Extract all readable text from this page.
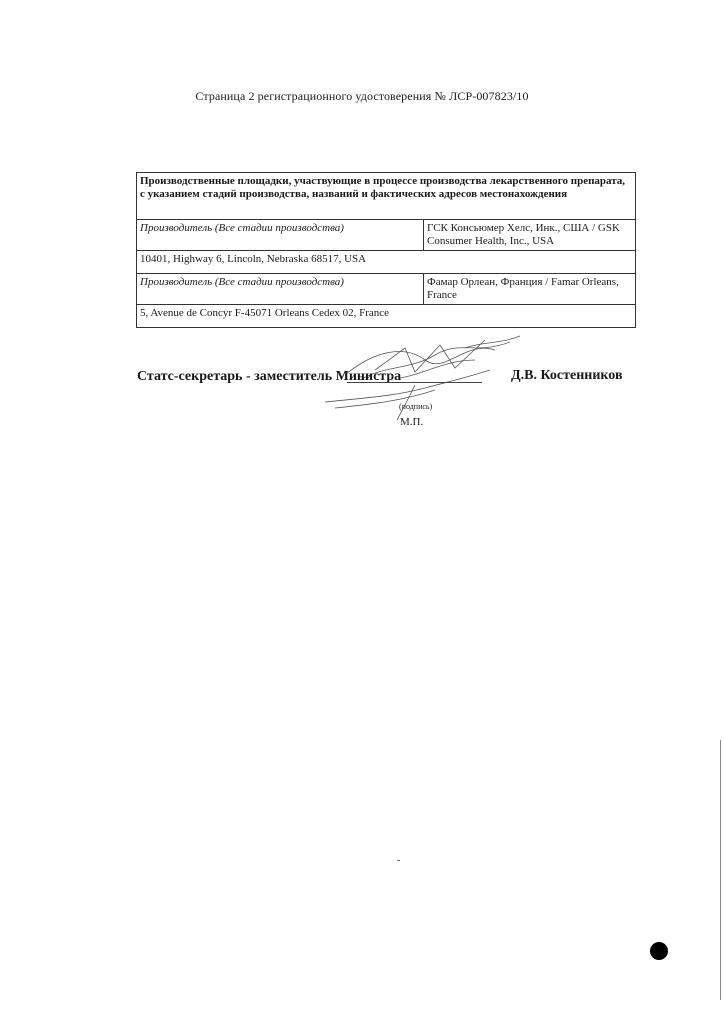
Страница 2 регистрационного удостоверения № ЛСР-007823/10
Производственные площадки, участвующие в процессе производства лекарственного препарата, с указанием стадий производства, названий и фактических адресов местонахождения	
Производитель (Все стадии производства)	ГСК Консьюмер Хелс, Инк., США / GSK Consumer Health, Inc., USA
10401, Highway 6, Lincoln, Nebraska 68517, USA	
Производитель (Все стадии производства)	Фамар Орлеан, Франция / Famar Orleans, France
5, Avenue de Concyr F-45071 Orleans Cedex 02, France	
Статс-секретарь - заместитель Министра	Д.В. Костенников
(подпись)
М.П.
